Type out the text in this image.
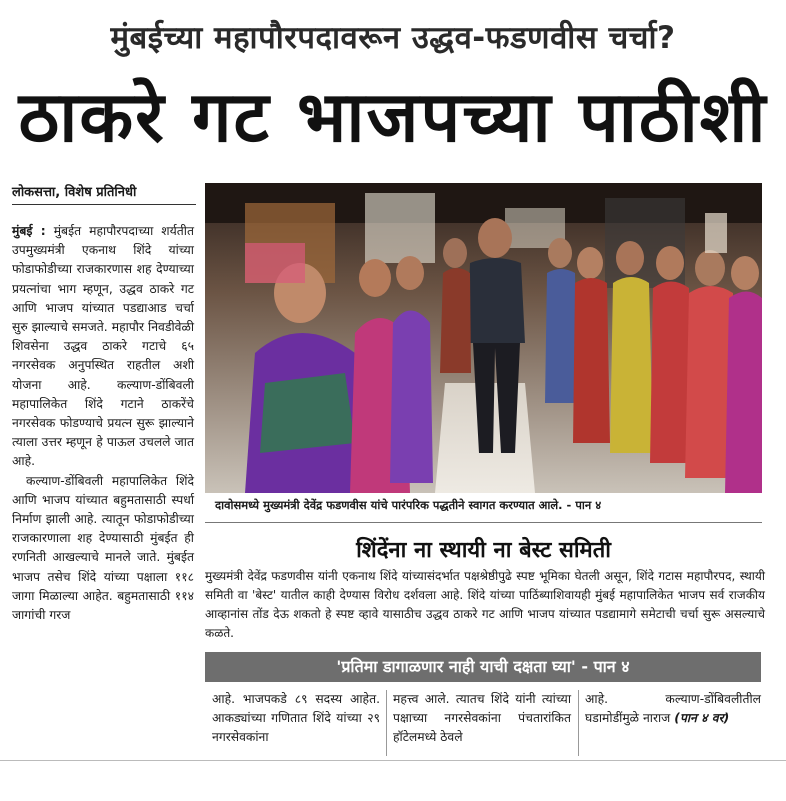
मुंबईच्या महापौरपदावरून उद्धव-फडणवीस चर्चा?
ठाकरे गट भाजपच्या पाठीशी
लोकसत्ता, विशेष प्रतिनिधी
मुंबई : मुंबईत महापौरपदाच्या शर्यतीत उपमुख्यमंत्री एकनाथ शिंदे यांच्या फोडाफोडीच्या राजकारणास शह देण्याच्या प्रयत्नांचा भाग म्हणून, उद्धव ठाकरे गट आणि भाजप यांच्यात पडद्याआड चर्चा सुरु झाल्याचे समजते. महापौर निवडीवेळी शिवसेना उद्धव ठाकरे गटाचे ६५ नगरसेवक अनुपस्थित राहतील अशी योजना आहे. कल्याण-डोंबिवली महापालिकेत शिंदे गटाने ठाकरेंचे नगरसेवक फोडण्याचे प्रयत्न सुरू झाल्याने त्याला उत्तर म्हणून हे पाऊल उचलले जात आहे.
कल्याण-डोंबिवली महापालिकेत शिंदे आणि भाजप यांच्यात बहुमतासाठी स्पर्धा निर्माण झाली आहे. त्यातून फोडाफोडीच्या राजकारणाला शह देण्यासाठी मुंबईत ही रणनिती आखल्याचे मानले जाते. मुंबईत भाजप तसेच शिंदे यांच्या पक्षाला ११८ जागा मिळाल्या आहेत. बहुमतासाठी ११४ जागांची गरज
दावोसमध्ये मुख्यमंत्री देवेंद्र फडणवीस यांचे पारंपरिक पद्धतीने स्वागत करण्यात आले. - पान ४
शिंदेंना ना स्थायी ना बेस्ट समिती
मुख्यमंत्री देवेंद्र फडणवीस यांनी एकनाथ शिंदे यांच्यासंदर्भात पक्षश्रेष्ठीपुढे स्पष्ट भूमिका घेतली असून, शिंदे गटास महापौरपद, स्थायी समिती वा 'बेस्ट' यातील काही देण्यास विरोध दर्शवला आहे. शिंदे यांच्या पाठिंब्याशिवायही मुंबई महापालिकेत भाजप सर्व राजकीय आव्हानांस तोंड देऊ शकतो हे स्पष्ट व्हावे यासाठीच उद्धव ठाकरे गट आणि भाजप यांच्यात पडद्यामागे समेटाची चर्चा सुरू असल्याचे कळते.
'प्रतिमा डागाळणार नाही याची दक्षता घ्या' - पान ४
आहे. भाजपकडे ८९ सदस्य आहेत. आकड्यांच्या गणितात शिंदे यांच्या २९ नगरसेवकांना
महत्त्व आले. त्यातच शिंदे यांनी त्यांच्या पक्षाच्या नगरसेवकांना पंचतारांकित हॉटेलमध्ये ठेवले
आहे. कल्याण-डोंबिवलीतील घडामोडींमुळे नाराज (पान ४ वर)
